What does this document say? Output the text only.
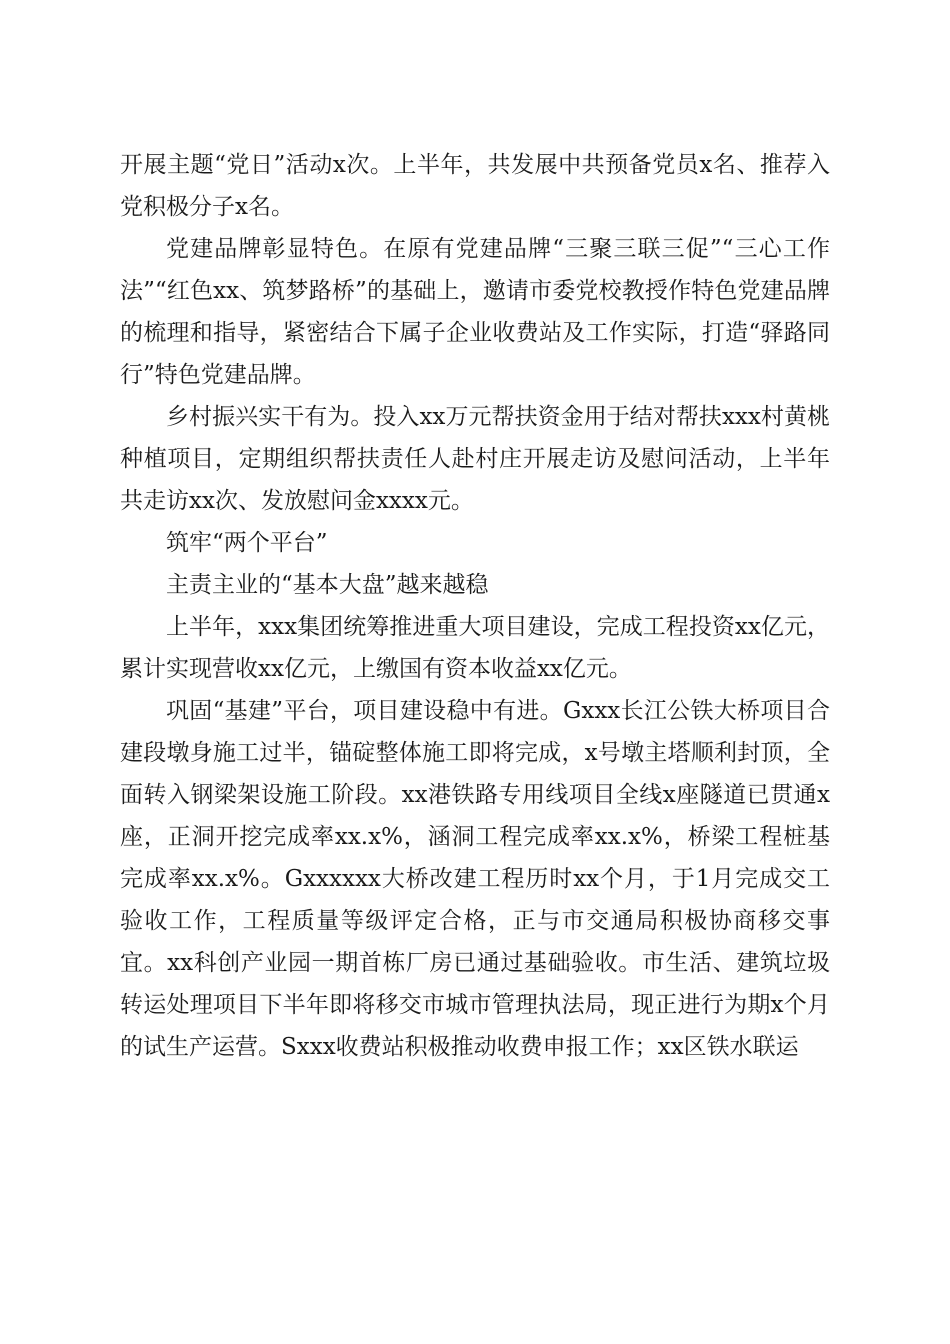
开展主题“党日”活动x次。上半年，共发展中共预备党员x名、推荐入党积极分子x名。

党建品牌彰显特色。在原有党建品牌“三聚三联三促”“三心工作法”“红色xx、筑梦路桥”的基础上，邀请市委党校教授作特色党建品牌的梳理和指导，紧密结合下属子企业收费站及工作实际，打造“驿路同行”特色党建品牌。

乡村振兴实干有为。投入xx万元帮扶资金用于结对帮扶xxx村黄桃种植项目，定期组织帮扶责任人赴村庄开展走访及慰问活动，上半年共走访xx次、发放慰问金xxxx元。

筑牢“两个平台”

主责主业的“基本大盘”越来越稳

上半年，xxx集团统筹推进重大项目建设，完成工程投资xx亿元，累计实现营收xx亿元，上缴国有资本收益xx亿元。

巩固“基建”平台，项目建设稳中有进。Gxxx长江公铁大桥项目合建段墩身施工过半，锚碇整体施工即将完成，x号墩主塔顺利封顶，全面转入钢梁架设施工阶段。xx港铁路专用线项目全线x座隧道已贯通x座，正洞开挖完成率xx.x%，涵洞工程完成率xx.x%，桥梁工程桩基完成率xx.x%。Gxxxxxx大桥改建工程历时xx个月，于1月完成交工验收工作，工程质量等级评定合格，正与市交通局积极协商移交事宜。xx科创产业园一期首栋厂房已通过基础验收。市生活、建筑垃圾转运处理项目下半年即将移交市城市管理执法局，现正进行为期x个月的试生产运营。Sxxx收费站积极推动收费申报工作；xx区铁水联运
